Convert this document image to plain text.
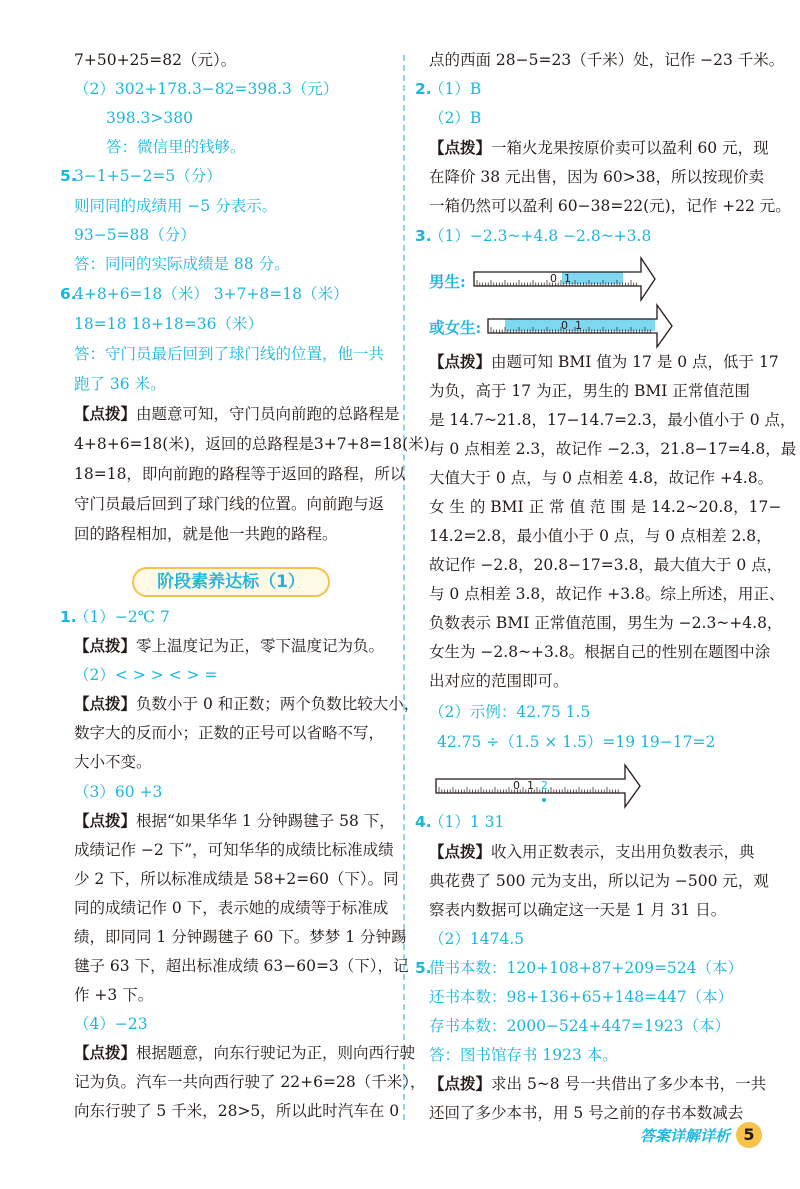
7+50+25=82（元）。
（2）302+178.3−82=398.3（元）
398.3>380
答：微信里的钱够。
5.
3−1+5−2=5（分）
则同同的成绩用 −5 分表示。
93−5=88（分）
答：同同的实际成绩是 88 分。
6.
4+8+6=18（米） 3+7+8=18（米）
18=18 18+18=36（米）
答：守门员最后回到了球门线的位置，他一共
跑了 36 米。
【点拨】由题意可知，守门员向前跑的总路程是
4+8+6=18(米)，返回的总路程是3+7+8=18(米)，
18=18，即向前跑的路程等于返回的路程，所以
守门员最后回到了球门线的位置。向前跑与返
回的路程相加，就是他一共跑的路程。
阶段素养达标（1）
1.
（1）−2℃ 7
【点拨】零上温度记为正，零下温度记为负。
（2）< > > < > =
【点拨】负数小于 0 和正数；两个负数比较大小，
数字大的反而小；正数的正号可以省略不写，
大小不变。
（3）60 +3
【点拨】根据“如果华华 1 分钟踢毽子 58 下，
成绩记作 −2 下”，可知华华的成绩比标准成绩
少 2 下，所以标准成绩是 58+2=60（下）。同
同的成绩记作 0 下，表示她的成绩等于标准成
绩，即同同 1 分钟踢毽子 60 下。梦梦 1 分钟踢
毽子 63 下，超出标准成绩 63−60=3（下），记
作 +3 下。
（4）−23
【点拨】根据题意，向东行驶记为正，则向西行驶
记为负。汽车一共向西行驶了 22+6=28（千米），
向东行驶了 5 千米，28>5，所以此时汽车在 0
点的西面 28−5=23（千米）处，记作 −23 千米。
2.
（1）B
（2）B
【点拨】一箱火龙果按原价卖可以盈利 60 元，现
在降价 38 元出售，因为 60>38，所以按现价卖
一箱仍然可以盈利 60−38=22(元)，记作 +22 元。
3.
（1）−2.3~+4.8 −2.8~+3.8
男生:	0 1
或女生:	0 1
【点拨】由题可知 BMI 值为 17 是 0 点，低于 17
为负，高于 17 为正，男生的 BMI 正常值范围
是 14.7~21.8，17−14.7=2.3，最小值小于 0 点，
与 0 点相差 2.3，故记作 −2.3，21.8−17=4.8，最
大值大于 0 点，与 0 点相差 4.8，故记作 +4.8。
女 生 的 BMI 正 常 值 范 围 是 14.2~20.8，17−
14.2=2.8，最小值小于 0 点，与 0 点相差 2.8，
故记作 −2.8，20.8−17=3.8，最大值大于 0 点，
与 0 点相差 3.8，故记作 +3.8。综上所述，用正、
负数表示 BMI 正常值范围，男生为 −2.3~+4.8，
女生为 −2.8~+3.8。根据自己的性别在题图中涂
出对应的范围即可。
（2）示例：42.75 1.5
42.75 ÷（1.5 × 1.5）=19 19−17=2
0 1 2
4.
（1）1 31
【点拨】收入用正数表示，支出用负数表示，典
典花费了 500 元为支出，所以记为 −500 元，观
察表内数据可以确定这一天是 1 月 31 日。
（2）1474.5
5.
借书本数：120+108+87+209=524（本）
还书本数：98+136+65+148=447（本）
存书本数：2000−524+447=1923（本）
答：图书馆存书 1923 本。
【点拨】求出 5~8 号一共借出了多少本书，一共
还回了多少本书，用 5 号之前的存书本数减去
答案详解详析 5
